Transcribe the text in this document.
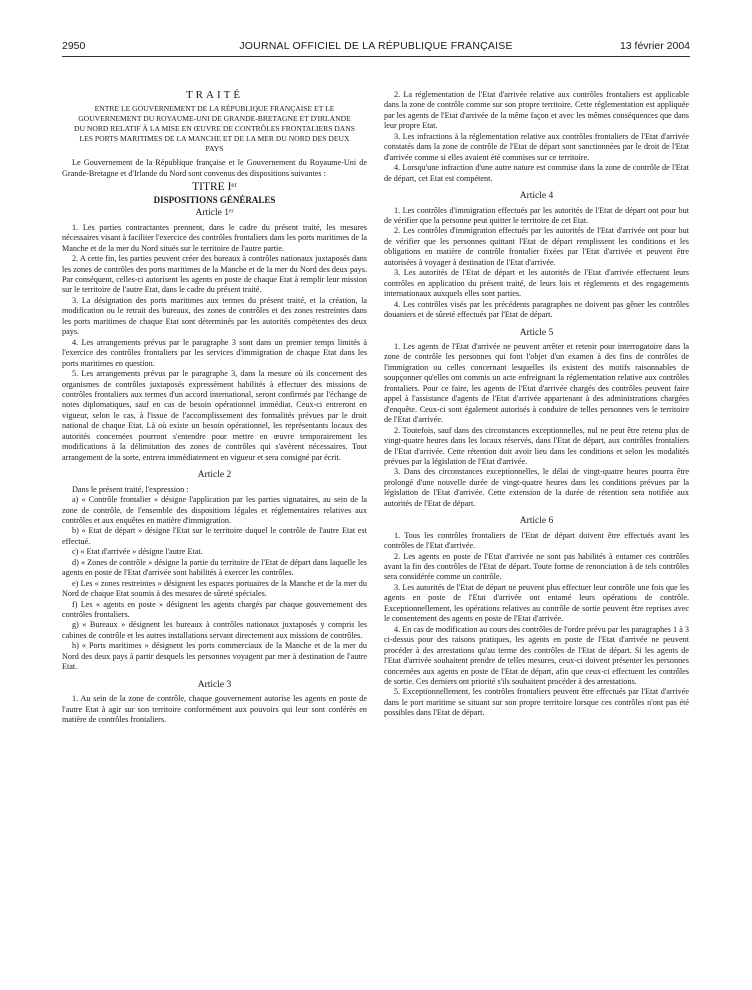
2950	JOURNAL OFFICIEL DE LA RÉPUBLIQUE FRANÇAISE	13 février 2004

TRAITÉ

ENTRE LE GOUVERNEMENT DE LA RÉPUBLIQUE FRANÇAISE ET LE GOUVERNEMENT DU ROYAUME-UNI DE GRANDE-BRETAGNE ET D'IRLANDE DU NORD RELATIF À LA MISE EN ŒUVRE DE CONTRÔLES FRONTALIERS DANS LES PORTS MARITIMES DE LA MANCHE ET DE LA MER DU NORD DES DEUX PAYS

Le Gouvernement de la République française et le Gouvernement du Royaume-Uni de Grande-Bretagne et d'Irlande du Nord sont convenus des dispositions suivantes :

TITRE Iᵉʳ

DISPOSITIONS GÉNÉRALES

Article 1ᵉʳ

1. Les parties contractantes prennent, dans le cadre du présent traité, les mesures nécessaires visant à faciliter l'exercice des contrôles frontaliers dans les ports maritimes de la Manche et de la mer du Nord situés sur le territoire de l'autre partie.

2. A cette fin, les parties peuvent créer des bureaux à contrôles nationaux juxtaposés dans les zones de contrôles des ports maritimes de la Manche et de la mer du Nord des deux pays. Par conséquent, celles-ci autorisent les agents en poste de chaque Etat à remplir leur mission sur le territoire de l'autre Etat, dans le cadre du présent traité.

3. La désignation des ports maritimes aux termes du présent traité, et la création, la modification ou le retrait des bureaux, des zones de contrôles et des zones restreintes dans les ports maritimes de chaque Etat sont déterminés par les autorités compétentes des deux pays.

4. Les arrangements prévus par le paragraphe 3 sont dans un premier temps limités à l'exercice des contrôles frontaliers par les services d'immigration de chaque Etat dans les ports maritimes en question.

5. Les arrangements prévus par le paragraphe 3, dans la mesure où ils concernent des organismes de contrôles juxtaposés expressément habilités à effectuer des missions de contrôles frontaliers aux termes d'un accord international, seront confirmés par l'échange de notes diplomatiques, sauf en cas de besoin opérationnel immédiat. Ceux-ci entreront en vigueur, selon le cas, à l'issue de l'accomplissement des formalités prévues par le droit national de chaque Etat. Là où existe un besoin opérationnel, les représentants locaux des autorités concernées pourront s'entendre pour mettre en œuvre temporairement les modifications à la délimitation des zones de contrôles qui s'avèrent nécessaires. Tout arrangement de la sorte, entrera immédiatement en vigueur et sera consigné par écrit.

Article 2

Dans le présent traité, l'expression :

a) « Contrôle frontalier » désigne l'application par les parties signataires, au sein de la zone de contrôle, de l'ensemble des dispositions légales et réglementaires relatives aux contrôles et aux enquêtes en matière d'immigration.

b) « Etat de départ » désigne l'Etat sur le territoire duquel le contrôle de l'autre Etat est effectué.

c) « Etat d'arrivée » désigne l'autre Etat.

d) « Zones de contrôle » désigne la partie du territoire de l'Etat de départ dans laquelle les agents en poste de l'Etat d'arrivée sont habilités à exercer les contrôles.

e) Les « zones restreintes » désignent les espaces portuaires de la Manche et de la mer du Nord de chaque Etat soumis à des mesures de sûreté spéciales.

f) Les « agents en poste » désignent les agents chargés par chaque gouvernement des contrôles frontaliers.

g) « Bureaux » désignent les bureaux à contrôles nationaux juxtaposés y compris les cabines de contrôle et les autres installations servant directement aux missions de contrôles.

h) « Ports maritimes » désignent les ports commerciaux de la Manche et de la mer du Nord des deux pays à partir desquels les personnes voyagent par mer à destination de l'autre Etat.

Article 3

1. Au sein de la zone de contrôle, chaque gouvernement autorise les agents en poste de l'autre Etat à agir sur son territoire conformément aux pouvoirs qui leur sont conférés en matière de contrôles frontaliers.

2. La réglementation de l'Etat d'arrivée relative aux contrôles frontaliers est applicable dans la zone de contrôle comme sur son propre territoire. Cette réglementation est appliquée par les agents de l'Etat d'arrivée de la même façon et avec les mêmes conséquences que dans leur propre Etat.

3. Les infractions à la réglementation relative aux contrôles frontaliers de l'Etat d'arrivée constatés dans la zone de contrôle de l'Etat de départ sont sanctionnées par le droit de l'Etat d'arrivée comme si elles avaient été commises sur ce territoire.

4. Lorsqu'une infraction d'une autre nature est commise dans la zone de contrôle de l'Etat de départ, cet Etat est compétent.

Article 4

1. Les contrôles d'immigration effectués par les autorités de l'Etat de départ ont pour but de vérifier que la personne peut quitter le territoire de cet Etat.

2. Les contrôles d'immigration effectués par les autorités de l'Etat d'arrivée ont pour but de vérifier que les personnes quittant l'Etat de départ remplissent les conditions et les obligations en matière de contrôle frontalier fixées par l'Etat d'arrivée et peuvent être autorisées à voyager à destination de l'Etat d'arrivée.

3. Les autorités de l'Etat de départ et les autorités de l'Etat d'arrivée effectuent leurs contrôles en application du présent traité, de leurs lois et règlements et des engagements internationaux auxquels elles sont parties.

4. Les contrôles visés par les précédents paragraphes ne doivent pas gêner les contrôles douaniers et de sûreté effectués par l'Etat de départ.

Article 5

1. Les agents de l'Etat d'arrivée ne peuvent arrêter et retenir pour interrogatoire dans la zone de contrôle les personnes qui font l'objet d'un examen à des fins de contrôles de l'immigration ou celles concernant lesquelles ils existent des motifs raisonnables de soupçonner qu'elles ont commis un acte enfreignant la réglementation relative aux contrôles frontaliers. Pour ce faire, les agents de l'Etat d'arrivée chargés des contrôles peuvent faire appel à l'assistance d'agents de l'Etat d'arrivée appartenant à des administrations chargées d'enquête. Ceux-ci sont également autorisés à conduire de telles personnes vers le territoire de l'Etat d'arrivée.

2. Toutefois, sauf dans des circonstances exceptionnelles, nul ne peut être retenu plus de vingt-quatre heures dans les locaux réservés, dans l'Etat de départ, aux contrôles frontaliers de l'Etat d'arrivée. Cette rétention doit avoir lieu dans les conditions et selon les modalités prévues par la législation de l'Etat d'arrivée.

3. Dans des circonstances exceptionnelles, le délai de vingt-quatre heures pourra être prolongé d'une nouvelle durée de vingt-quatre heures dans les conditions prévues par la législation de l'Etat d'arrivée. Cette extension de la durée de rétention sera notifiée aux autorités de l'Etat de départ.

Article 6

1. Tous les contrôles frontaliers de l'Etat de départ doivent être effectués avant les contrôles de l'Etat d'arrivée.

2. Les agents en poste de l'Etat d'arrivée ne sont pas habilités à entamer ces contrôles avant la fin des contrôles de l'Etat de départ. Toute forme de renonciation à de tels contrôles sera considérée comme un contrôle.

3. Les autorités de l'Etat de départ ne peuvent plus effectuer leur contrôle une fois que les agents en poste de l'Etat d'arrivée ont entamé leurs opérations de contrôle. Exceptionnellement, les opérations relatives au contrôle de sortie peuvent être reprises avec le consentement des agents en poste de l'Etat d'arrivée.

4. En cas de modification au cours des contrôles de l'ordre prévu par les paragraphes 1 à 3 ci-dessus pour des raisons pratiques, les agents en poste de l'Etat d'arrivée ne peuvent procéder à des arrestations qu'au terme des contrôles de l'Etat de départ. Si les agents de l'Etat d'arrivée souhaitent prendre de telles mesures, ceux-ci doivent présenter les personnes concernées aux agents en poste de l'Etat de départ, afin que ceux-ci effectuent les contrôles de sortie. Ces derniers ont priorité s'ils souhaitent procéder à des arrestations.

5. Exceptionnellement, les contrôles frontaliers peuvent être effectués par l'Etat d'arrivée dans le port maritime se situant sur son propre territoire lorsque ces contrôles n'ont pas été possibles dans l'Etat de départ.
